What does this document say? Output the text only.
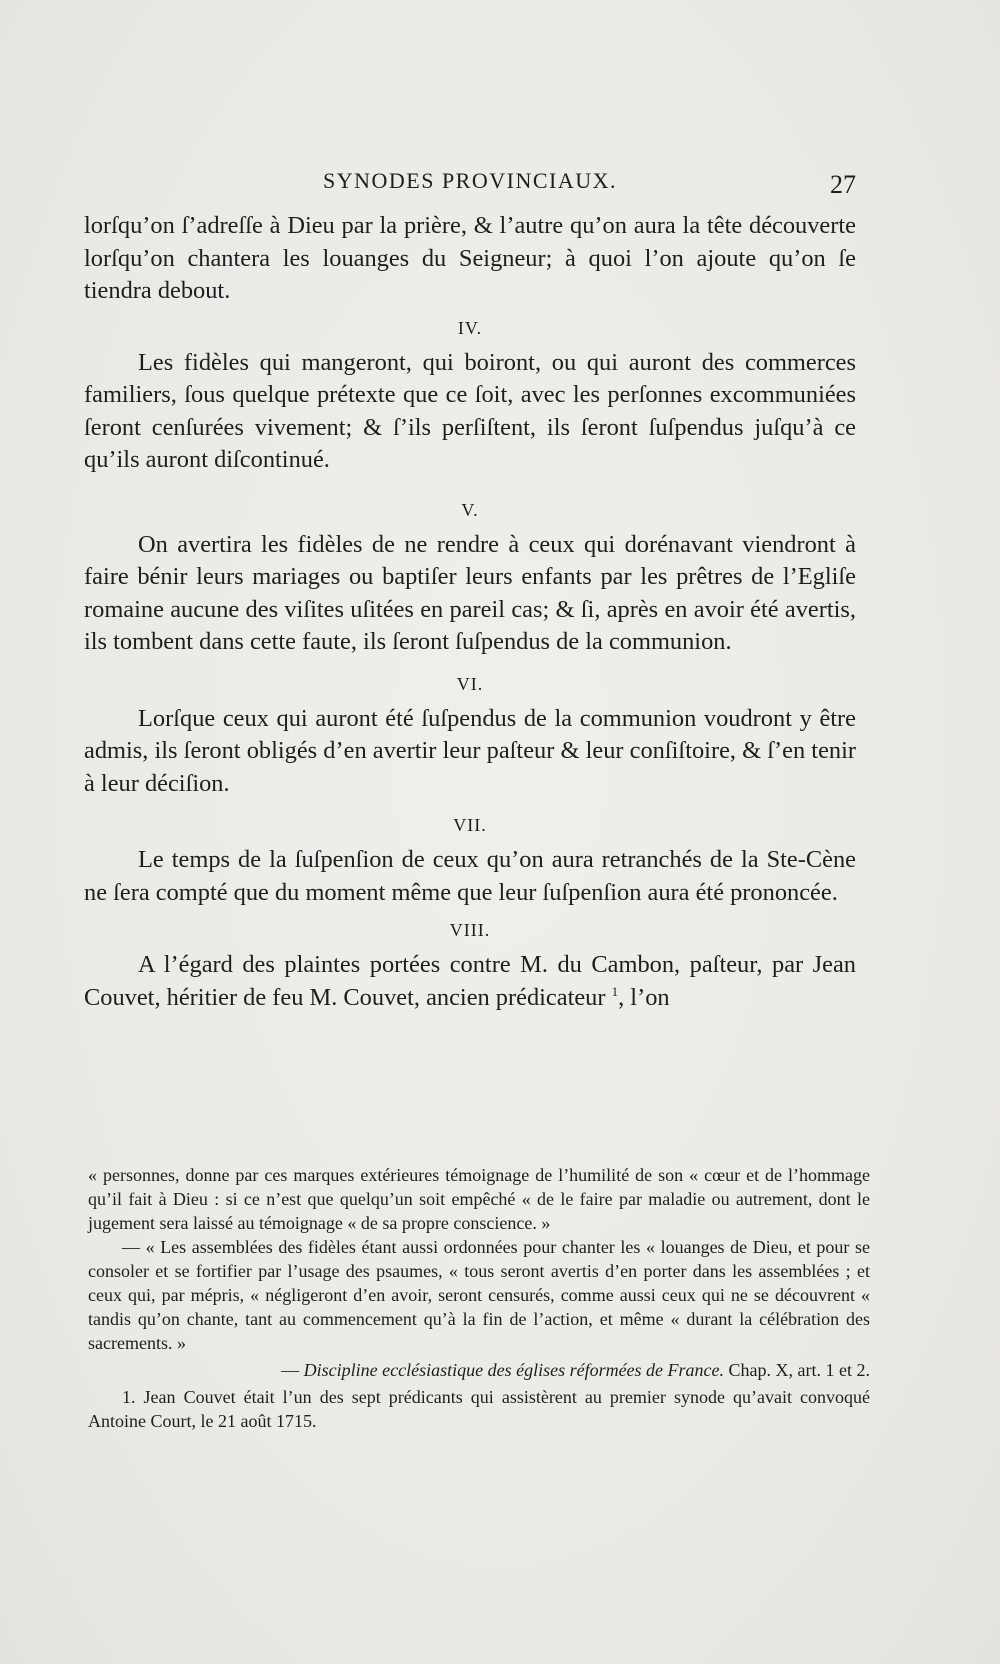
SYNODES PROVINCIAUX.	27

lorſqu’on ſ’adreſſe à Dieu par la prière, & l’autre qu’on aura la tête découverte lorſqu’on chantera les louanges du Seigneur; à quoi l’on ajoute qu’on ſe tiendra debout.

IV.

Les fidèles qui mangeront, qui boiront, ou qui auront des commerces familiers, ſous quelque prétexte que ce ſoit, avec les perſonnes excommuniées ſeront cenſurées vivement; & ſ’ils perſiſtent, ils ſeront ſuſpendus juſqu’à ce qu’ils auront diſcontinué.

V.

On avertira les fidèles de ne rendre à ceux qui dorénavant viendront à faire bénir leurs mariages ou baptiſer leurs enfants par les prêtres de l’Egliſe romaine aucune des viſites uſitées en pareil cas; & ſi, après en avoir été avertis, ils tombent dans cette faute, ils ſeront ſuſpendus de la communion.

VI.

Lorſque ceux qui auront été ſuſpendus de la communion voudront y être admis, ils ſeront obligés d’en avertir leur paſteur & leur conſiſtoire, & ſ’en tenir à leur déciſion.

VII.

Le temps de la ſuſpenſion de ceux qu’on aura retranchés de la Ste-Cène ne ſera compté que du moment même que leur ſuſpenſion aura été prononcée.

VIII.

A l’égard des plaintes portées contre M. du Cambon, paſteur, par Jean Couvet, héritier de feu M. Couvet, ancien prédicateur $^1$, l’on

« personnes, donne par ces marques extérieures témoignage de l’humilité de son « cœur et de l’hommage qu’il fait à Dieu : si ce n’est que quelqu’un soit empêché « de le faire par maladie ou autrement, dont le jugement sera laissé au témoignage « de sa propre conscience. »

— « Les assemblées des fidèles étant aussi ordonnées pour chanter les « louanges de Dieu, et pour se consoler et se fortifier par l’usage des psaumes, « tous seront avertis d’en porter dans les assemblées ; et ceux qui, par mépris, « négligeront d’en avoir, seront censurés, comme aussi ceux qui ne se découvrent « tandis qu’on chante, tant au commencement qu’à la fin de l’action, et même « durant la célébration des sacrements. »

— Discipline ecclésiastique des églises réformées de France. Chap. X, art. 1 et 2.

1. Jean Couvet était l’un des sept prédicants qui assistèrent au premier synode qu’avait convoqué Antoine Court, le 21 août 1715.
